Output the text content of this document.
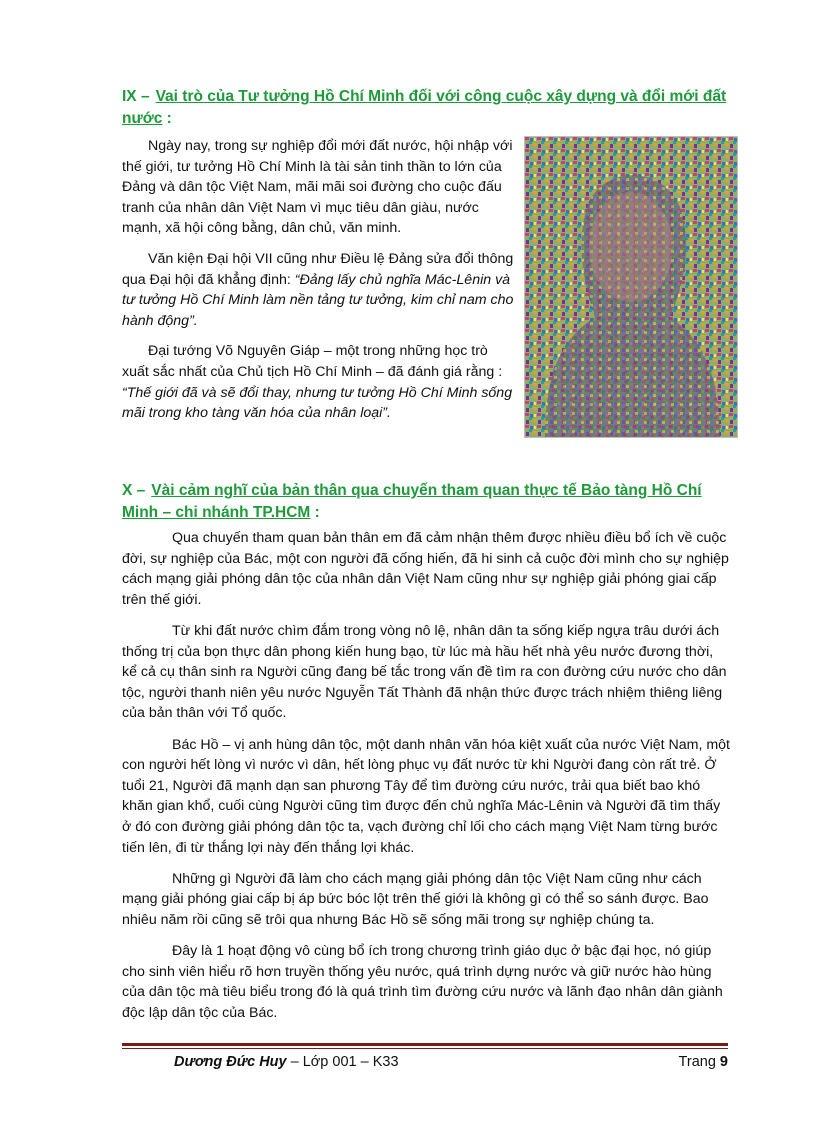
IX – Vai trò của Tư tưởng Hồ Chí Minh đối với công cuộc xây dựng và đổi mới đất nước :

Ngày nay, trong sự nghiệp đổi mới đất nước, hội nhập với thế giới, tư tưởng Hồ Chí Minh là tài sản tinh thần to lớn của Đảng và dân tộc Việt Nam, mãi mãi soi đường cho cuộc đấu tranh của nhân dân Việt Nam vì mục tiêu dân giàu, nước mạnh, xã hội công bằng, dân chủ, văn minh.

Văn kiện Đại hội VII cũng như Điều lệ Đảng sửa đổi thông qua Đại hội đã khẳng định: “Đảng lấy chủ nghĩa Mác-Lênin và tư tưởng Hồ Chí Minh làm nền tảng tư tưởng, kim chỉ nam cho hành động”.

Đại tướng Võ Nguyên Giáp – một trong những học trò xuất sắc nhất của Chủ tịch Hồ Chí Minh – đã đánh giá rằng : “Thế giới đã và sẽ đổi thay, nhưng tư tưởng Hồ Chí Minh sống mãi trong kho tàng văn hóa của nhân loại”.

X – Vài cảm nghĩ của bản thân qua chuyến tham quan thực tế Bảo tàng Hồ Chí Minh – chi nhánh TP.HCM :

Qua chuyến tham quan bản thân em đã cảm nhận thêm được nhiều điều bổ ích về cuộc đời, sự nghiệp của Bác, một con người đã cống hiến, đã hi sinh cả cuộc đời mình cho sự nghiệp cách mạng giải phóng dân tộc của nhân dân Việt Nam cũng như sự nghiệp giải phóng giai cấp trên thế giới.

Từ khi đất nước chìm đắm trong vòng nô lệ, nhân dân ta sống kiếp ngựa trâu dưới ách thống trị của bọn thực dân phong kiến hung bạo, từ lúc mà hầu hết nhà yêu nước đương thời, kể cả cụ thân sinh ra Người cũng đang bế tắc trong vấn đề tìm ra con đường cứu nước cho dân tộc, người thanh niên yêu nước Nguyễn Tất Thành đã nhận thức được trách nhiệm thiêng liêng của bản thân với Tổ quốc.

Bác Hồ – vị anh hùng dân tộc, một danh nhân văn hóa kiệt xuất của nước Việt Nam, một con người hết lòng vì nước vì dân, hết lòng phục vụ đất nước từ khi Người đang còn rất trẻ. Ở tuổi 21, Người đã mạnh dạn san phương Tây để tìm đường cứu nước, trải qua biết bao khó khăn gian khổ, cuối cùng Người cũng tìm được đến chủ nghĩa Mác-Lênin và Người đã tìm thấy ở đó con đường giải phóng dân tộc ta, vạch đường chỉ lối cho cách mạng Việt Nam từng bước tiến lên, đi từ thắng lợi này đến thắng lợi khác.

Những gì Người đã làm cho cách mạng giải phóng dân tộc Việt Nam cũng như cách mạng giải phóng giai cấp bị áp bức bóc lột trên thế giới là không gì có thể so sánh được. Bao nhiêu năm rồi cũng sẽ trôi qua nhưng Bác Hồ sẽ sống mãi trong sự nghiệp chúng ta.

Đây là 1 hoạt động vô cùng bổ ích trong chương trình giáo dục ở bậc đại học, nó giúp cho sinh viên hiểu rõ hơn truyền thống yêu nước, quá trình dựng nước và giữ nước hào hùng của dân tộc mà tiêu biểu trong đó là quá trình tìm đường cứu nước và lãnh đạo nhân dân giành độc lập dân tộc của Bác.

Dương Đức Huy – Lớp 001 – K33	Trang 9
